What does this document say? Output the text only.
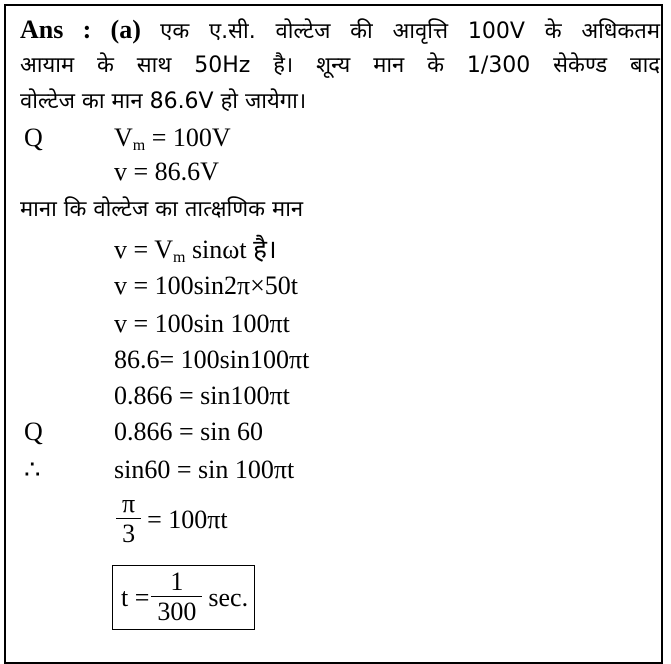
Ans : (a) एक ए.सी. वोल्टेज की आवृत्ति 100V के अधिकतम
आयाम के साथ 50Hz है। शून्य मान के 1/300 सेकेण्ड बाद
वोल्टेज का मान 86.6V हो जायेगा।
Q	$V_m = 100V$
v = 86.6V
माना कि वोल्टेज का तात्क्षणिक मान
$v = V_m$ sinωt है।
v = 100sin2π×50t
v = 100sin 100πt
86.6= 100sin100πt
0.866 = sin100πt
Q	0.866 = sin 60
∴	sin60 = sin 100πt
$\frac{\pi}{3} = 100\pi t$
$t = \frac{1}{300} \sec$.
